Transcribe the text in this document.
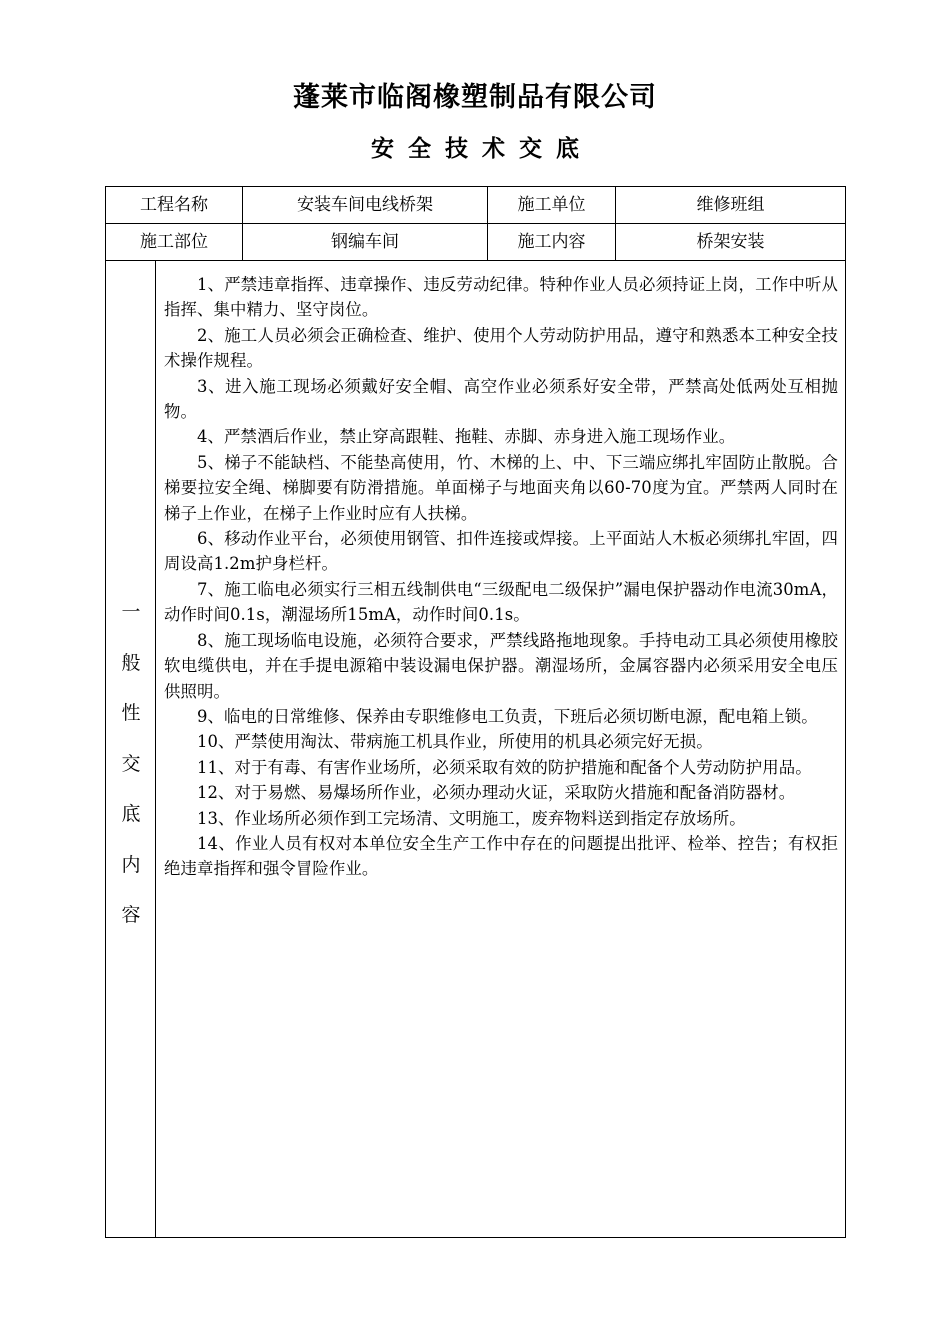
蓬莱市临阁橡塑制品有限公司
安全技术交底
工程名称	安装车间电线桥架	施工单位	维修班组
施工部位	钢编车间	施工内容	桥架安装
一
般
性
交
底
内
容

1、严禁违章指挥、违章操作、违反劳动纪律。特种作业人员必须持证上岗，工作中听从指挥、集中精力、坚守岗位。

2、施工人员必须会正确检查、维护、使用个人劳动防护用品，遵守和熟悉本工种安全技术操作规程。

3、进入施工现场必须戴好安全帽、高空作业必须系好安全带，严禁高处低两处互相抛物。

4、严禁酒后作业，禁止穿高跟鞋、拖鞋、赤脚、赤身进入施工现场作业。

5、梯子不能缺档、不能垫高使用，竹、木梯的上、中、下三端应绑扎牢固防止散脱。合梯要拉安全绳、梯脚要有防滑措施。单面梯子与地面夹角以60-70度为宜。严禁两人同时在梯子上作业，在梯子上作业时应有人扶梯。

6、移动作业平台，必须使用钢管、扣件连接或焊接。上平面站人木板必须绑扎牢固，四周设高1.2m护身栏杆。

7、施工临电必须实行三相五线制供电“三级配电二级保护”漏电保护器动作电流30mA，动作时间0.1s，潮湿场所15mA，动作时间0.1s。

8、施工现场临电设施，必须符合要求，严禁线路拖地现象。手持电动工具必须使用橡胶软电缆供电，并在手提电源箱中装设漏电保护器。潮湿场所，金属容器内必须采用安全电压供照明。

9、临电的日常维修、保养由专职维修电工负责，下班后必须切断电源，配电箱上锁。

10、严禁使用淘汰、带病施工机具作业，所使用的机具必须完好无损。

11、对于有毒、有害作业场所，必须采取有效的防护措施和配备个人劳动防护用品。

12、对于易燃、易爆场所作业，必须办理动火证，采取防火措施和配备消防器材。

13、作业场所必须作到工完场清、文明施工，废弃物料送到指定存放场所。

14、作业人员有权对本单位安全生产工作中存在的问题提出批评、检举、控告；有权拒绝违章指挥和强令冒险作业。
